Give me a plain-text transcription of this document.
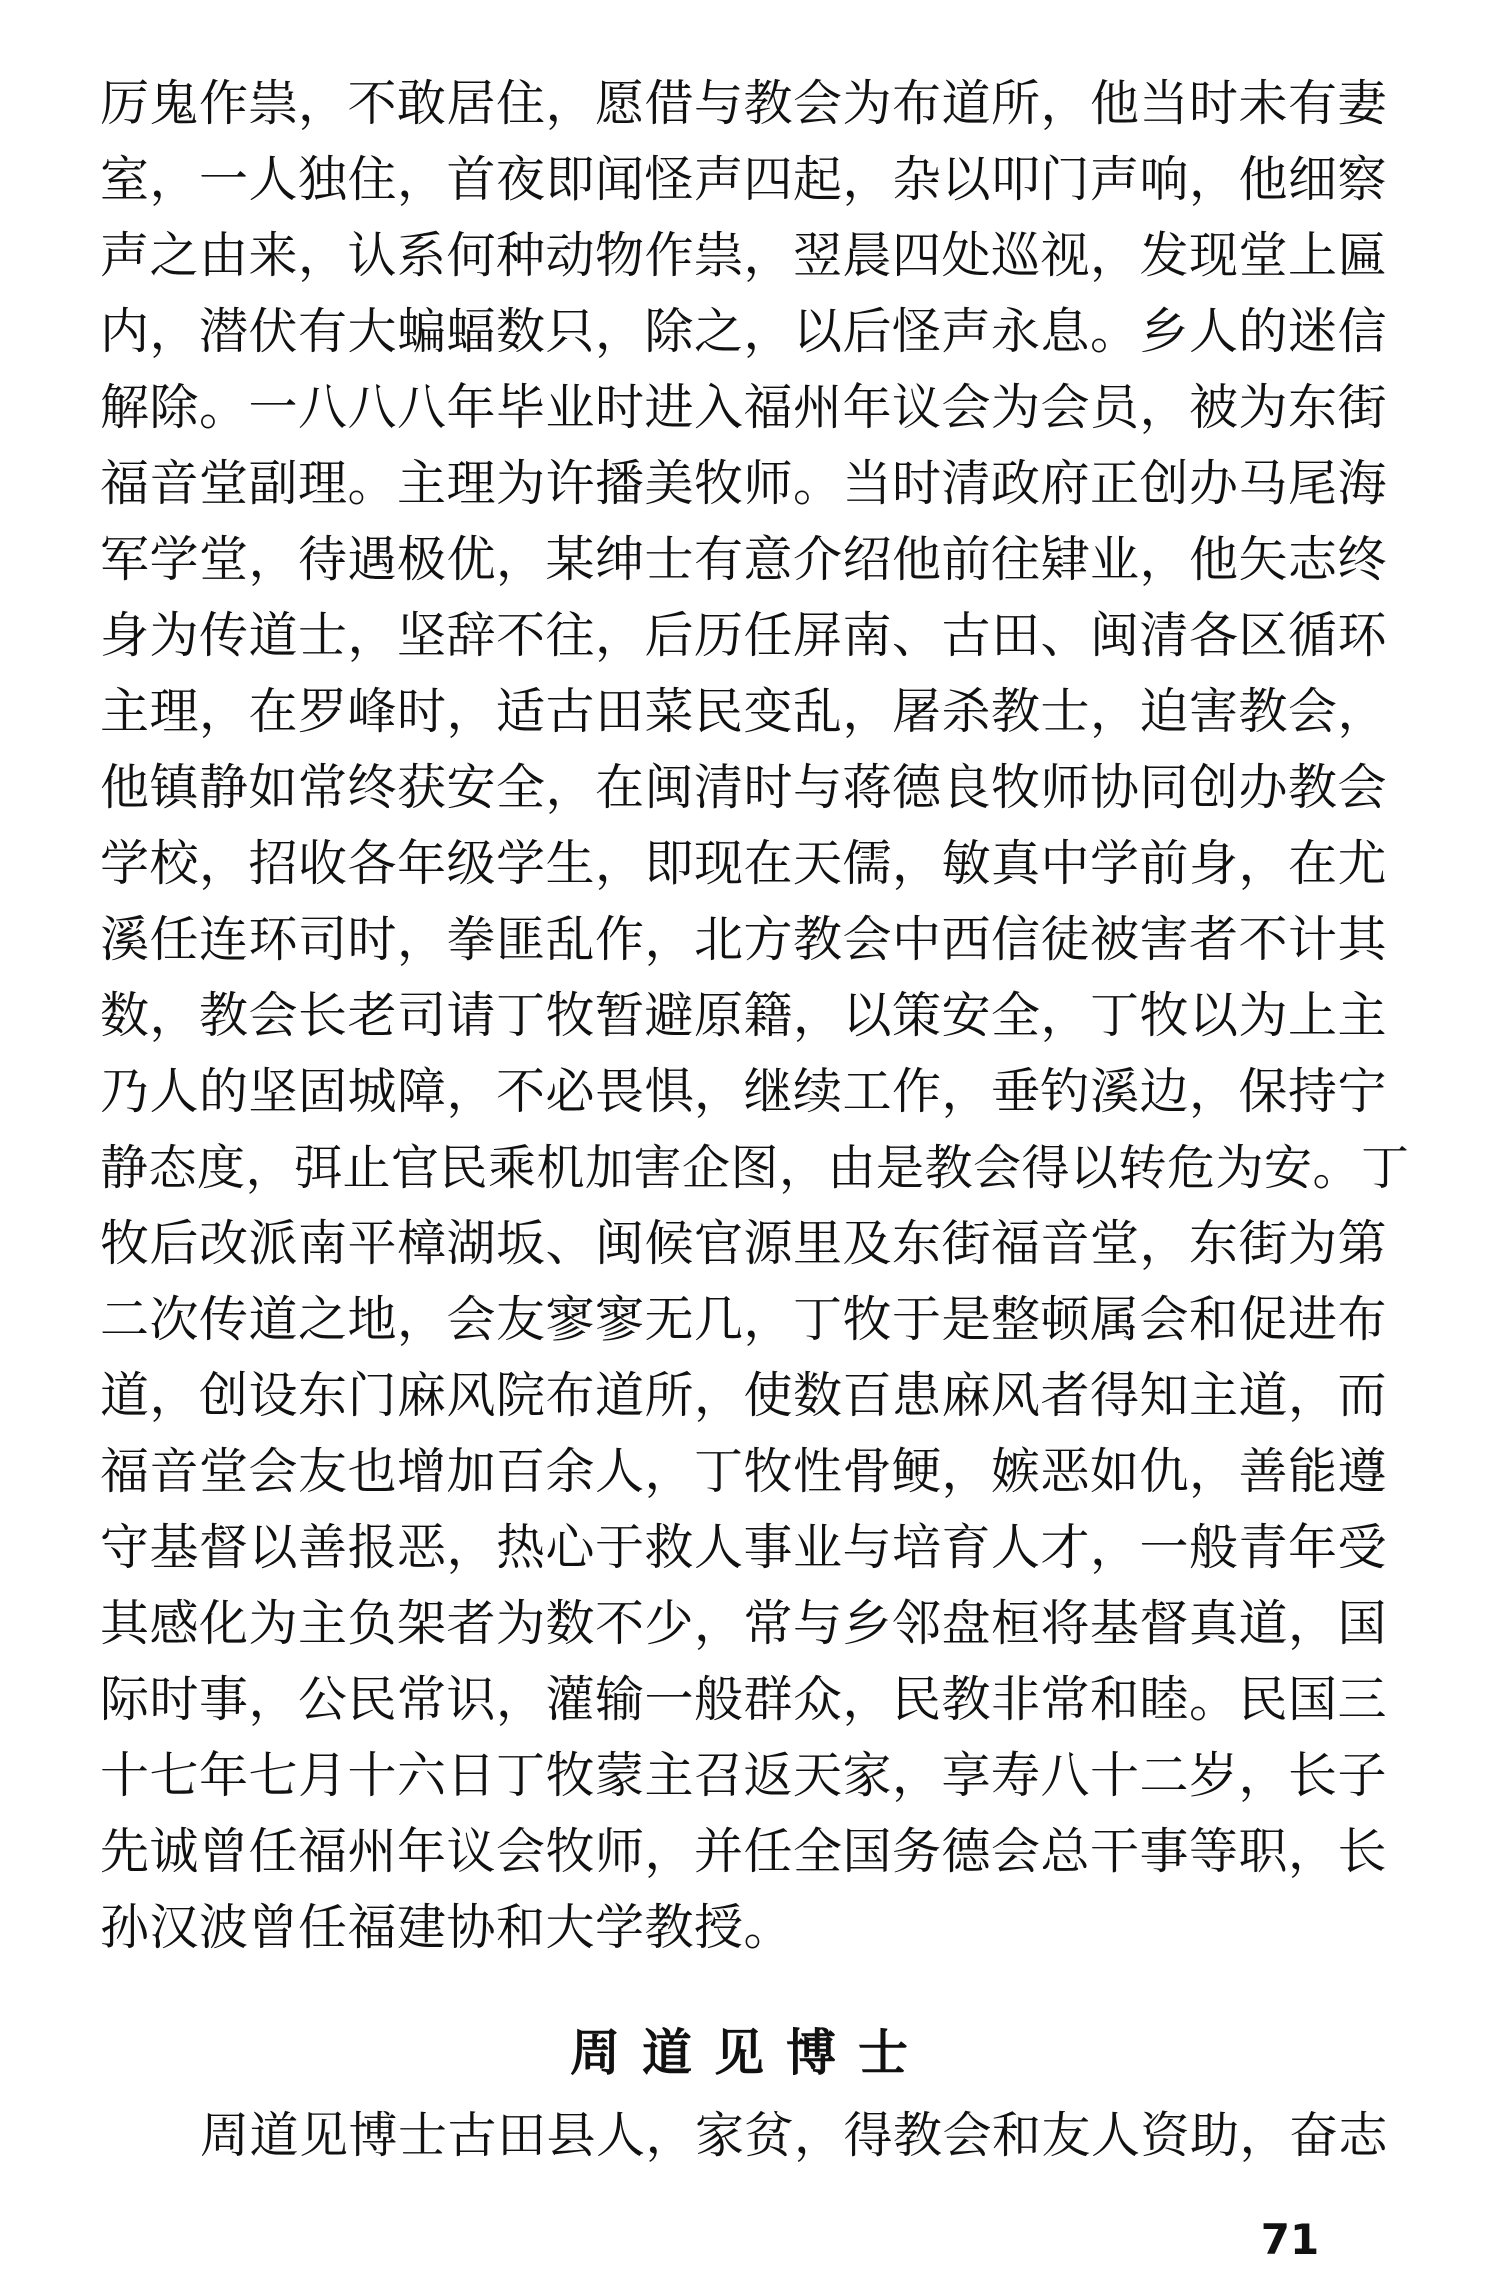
厉鬼作祟，不敢居住，愿借与教会为布道所，他当时未有妻
室，一人独住，首夜即闻怪声四起，杂以叩门声响，他细察
声之由来，认系何种动物作祟，翌晨四处巡视，发现堂上匾
内，潜伏有大蝙蝠数只，除之，以后怪声永息。乡人的迷信
解除。一八八八年毕业时进入福州年议会为会员，被为东街
福音堂副理。主理为许播美牧师。当时清政府正创办马尾海
军学堂，待遇极优，某绅士有意介绍他前往肄业，他矢志终
身为传道士，坚辞不往，后历任屏南、古田、闽清各区循环
主理，在罗峰时，适古田菜民变乱，屠杀教士，迫害教会，
他镇静如常终获安全，在闽清时与蒋德良牧师协同创办教会
学校，招收各年级学生，即现在天儒，敏真中学前身，在尤
溪任连环司时，拳匪乱作，北方教会中西信徒被害者不计其
数，教会长老司请丁牧暂避原籍，以策安全，丁牧以为上主
乃人的坚固城障，不必畏惧，继续工作，垂钓溪边，保持宁
静态度，弭止官民乘机加害企图，由是教会得以转危为安。丁
牧后改派南平樟湖坂、闽候官源里及东街福音堂，东街为第
二次传道之地，会友寥寥无几，丁牧于是整顿属会和促进布
道，创设东门麻风院布道所，使数百患麻风者得知主道，而
福音堂会友也增加百余人，丁牧性骨鲠，嫉恶如仇，善能遵
守基督以善报恶，热心于救人事业与培育人才，一般青年受
其感化为主负架者为数不少，常与乡邻盘桓将基督真道，国
际时事，公民常识，灌输一般群众，民教非常和睦。民国三
十七年七月十六日丁牧蒙主召返天家，享寿八十二岁，长子
先诚曾任福州年议会牧师，并任全国务德会总干事等职，长
孙汉波曾任福建协和大学教授。
周道见博士
周道见博士古田县人，家贫，得教会和友人资助，奋志
71
